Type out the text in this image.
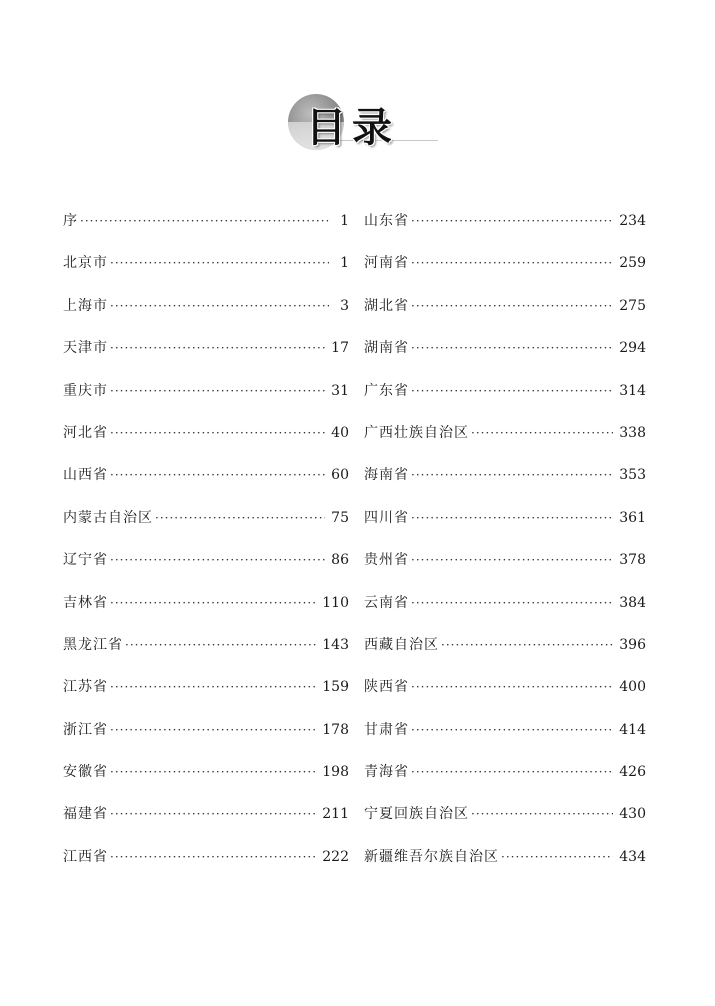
目录
序 ·····	1
北京市 ·····	1
上海市 ·····	3
天津市 ·····	17
重庆市 ·····	31
河北省 ·····	40
山西省 ·····	60
内蒙古自治区 ·····	75
辽宁省 ·····	86
吉林省 ·····	110
黑龙江省 ·····	143
江苏省 ·····	159
浙江省 ·····	178
安徽省 ·····	198
福建省 ·····	211
江西省 ·····	222
山东省 ·····	234
河南省 ·····	259
湖北省 ·····	275
湖南省 ·····	294
广东省 ·····	314
广西壮族自治区 ·····	338
海南省 ·····	353
四川省 ·····	361
贵州省 ·····	378
云南省 ·····	384
西藏自治区 ·····	396
陕西省 ·····	400
甘肃省 ·····	414
青海省 ·····	426
宁夏回族自治区 ·····	430
新疆维吾尔族自治区 ·····	434
